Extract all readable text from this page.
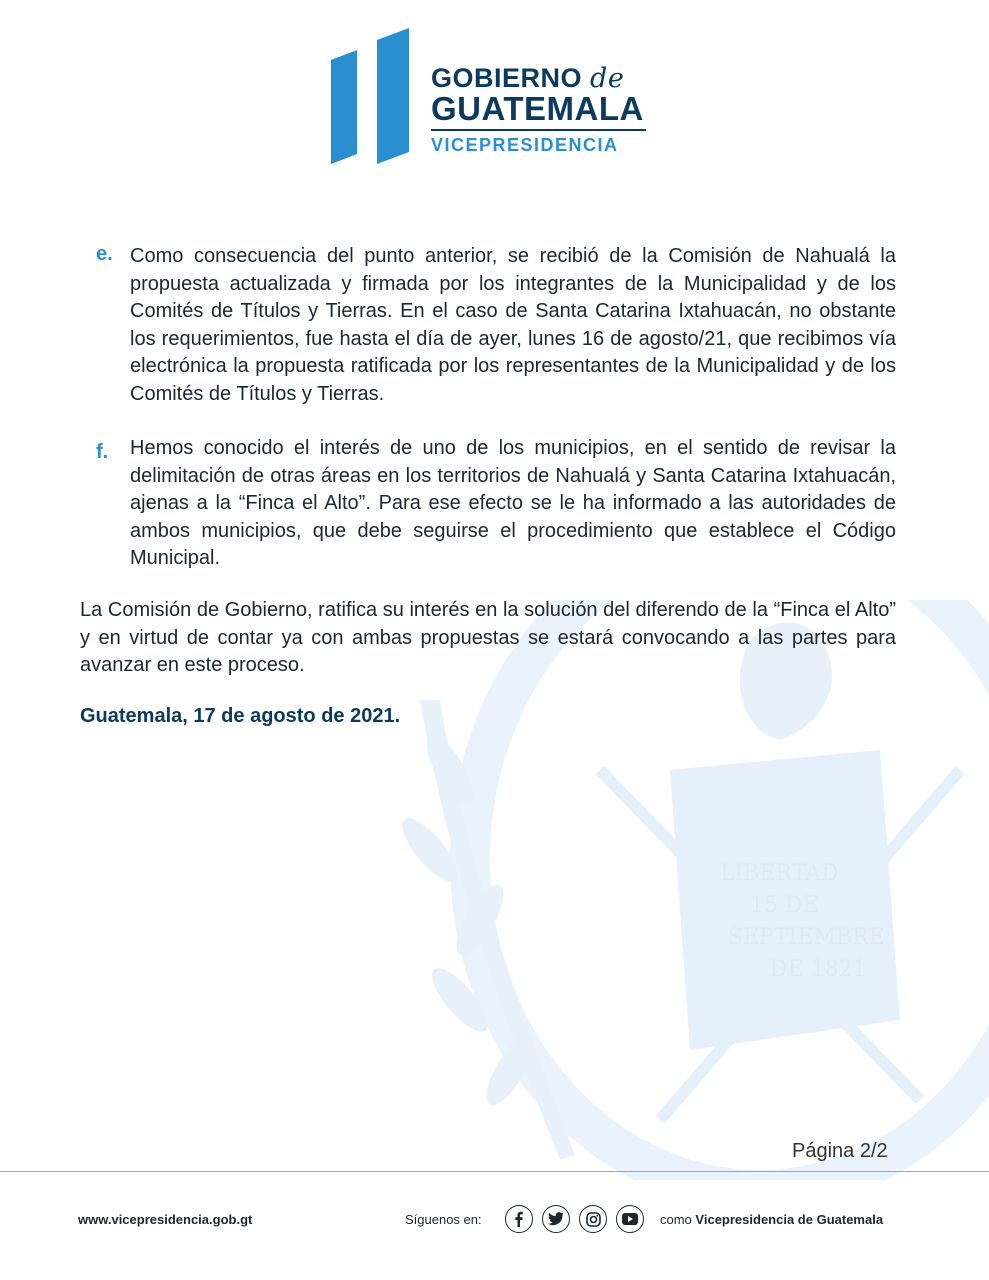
GOBIERNO de
GUATEMALA
VICEPRESIDENCIA
LIBERTAD
15 DE
SEPTIEMBRE
DE 1821
e. Como consecuencia del punto anterior, se recibió de la Comisión de Nahualá la propuesta actualizada y firmada por los integrantes de la Municipalidad y de los Comités de Títulos y Tierras. En el caso de Santa Catarina Ixtahuacán, no obstante los requerimientos, fue hasta el día de ayer, lunes 16 de agosto/21, que recibimos vía electrónica la propuesta ratificada por los representantes de la Municipalidad y de los Comités de Títulos y Tierras.
f. Hemos conocido el interés de uno de los municipios, en el sentido de revisar la delimitación de otras áreas en los territorios de Nahualá y Santa Catarina Ixtahuacán, ajenas a la “Finca el Alto”. Para ese efecto se le ha informado a las autoridades de ambos municipios, que debe seguirse el procedimiento que establece el Código Municipal.
La Comisión de Gobierno, ratifica su interés en la solución del diferendo de la “Finca el Alto” y en virtud de contar ya con ambas propuestas se estará convocando a las partes para avanzar en este proceso.
Guatemala, 17 de agosto de 2021.
Página 2/2
www.vicepresidencia.gob.gt	Síguenos en:	como Vicepresidencia de Guatemala
